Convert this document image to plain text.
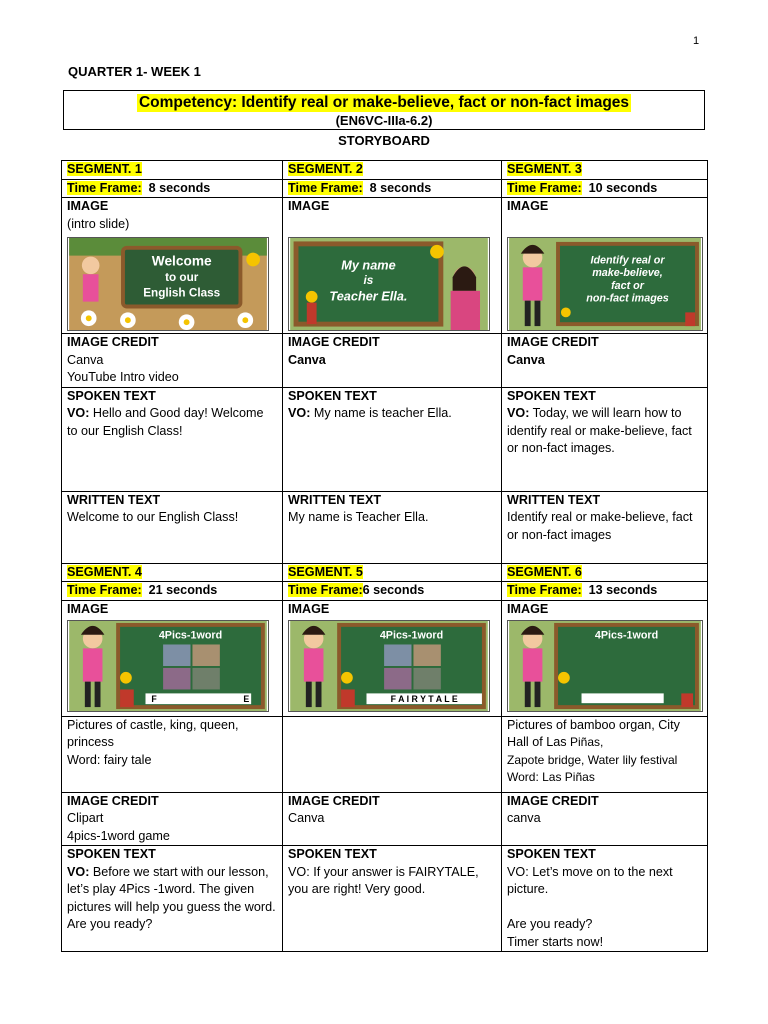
1
QUARTER 1- WEEK 1
Competency: Identify real or make-believe, fact or non-fact images
(EN6VC-IIIa-6.2)
STORYBOARD
SEGMENT. 1	SEGMENT. 2	SEGMENT. 3
Time Frame: 8 seconds	Time Frame: 8 seconds	Time Frame: 10 seconds
IMAGE
(intro slide)
Welcome
to our
English Class	IMAGE
My name
is
Teacher Ella.	IMAGE
Identify real or
make-believe,
fact or
non-fact images

IMAGE CREDIT
Canva
YouTube Intro video	IMAGE CREDIT
Canva	IMAGE CREDIT
Canva
SPOKEN TEXT
VO: Hello and Good day! Welcome to our English Class!	SPOKEN TEXT
VO: My name is teacher Ella.	SPOKEN TEXT
VO: Today, we will learn how to identify real or make-believe, fact or non-fact images.
WRITTEN TEXT
Welcome to our English Class!	WRITTEN TEXT
My name is Teacher Ella.	WRITTEN TEXT
Identify real or make-believe, fact or non-fact images
SEGMENT. 4	SEGMENT. 5	SEGMENT. 6
Time Frame: 21 seconds	Time Frame:6 seconds	Time Frame: 13 seconds
IMAGE
4Pics-1word
F E	IMAGE
4Pics-1word
F A I R Y T A L E	IMAGE
4Pics-1word

Pictures of castle, king, queen, princess
Word: fairy tale		Pictures of bamboo organ, City Hall of Las Piñas,
Zapote bridge, Water lily festival
Word: Las Piñas
IMAGE CREDIT
Clipart
4pics-1word game	IMAGE CREDIT
Canva	IMAGE CREDIT
canva
SPOKEN TEXT
VO: Before we start with our lesson, let’s play 4Pics -1word. The given pictures will help you guess the word. Are you ready?	SPOKEN TEXT
VO: If your answer is FAIRYTALE, you are right! Very good.	SPOKEN TEXT
VO: Let’s move on to the next picture.

Are you ready?
Timer starts now!
